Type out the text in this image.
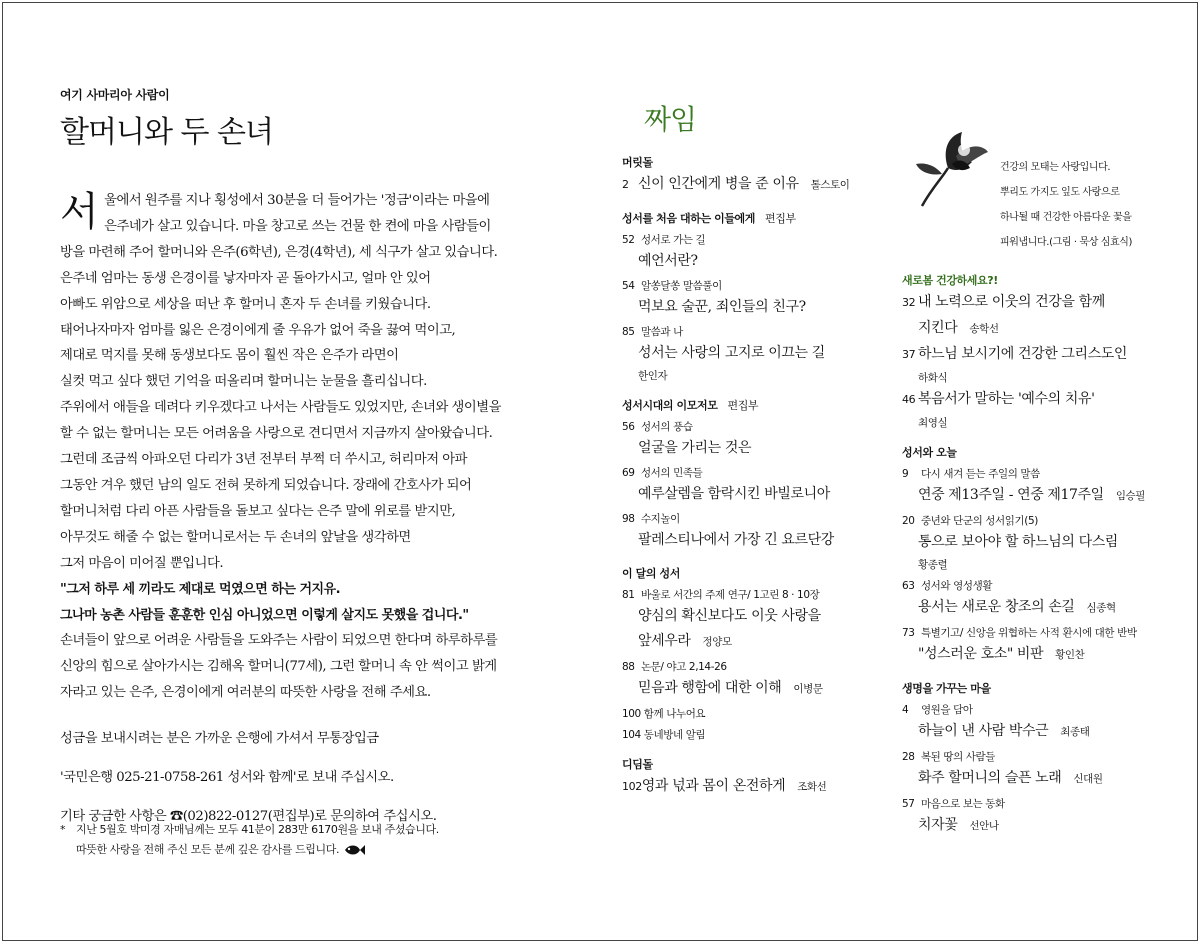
여기 사마리아 사람이
할머니와 두 손녀
서 울에서 원주를 지나 횡성에서 30분을 더 들어가는 '정금'이라는 마을에

은주네가 살고 있습니다. 마을 창고로 쓰는 건물 한 켠에 마을 사람들이

방을 마련해 주어 할머니와 은주(6학년), 은경(4학년), 세 식구가 살고 있습니다.

은주네 엄마는 동생 은경이를 낳자마자 곧 돌아가시고, 얼마 안 있어

아빠도 위암으로 세상을 떠난 후 할머니 혼자 두 손녀를 키웠습니다.

태어나자마자 엄마를 잃은 은경이에게 줄 우유가 없어 죽을 끓여 먹이고,

제대로 먹지를 못해 동생보다도 몸이 훨씬 작은 은주가 라면이

실컷 먹고 싶다 했던 기억을 떠올리며 할머니는 눈물을 흘리십니다.

주위에서 애들을 데려다 키우겠다고 나서는 사람들도 있었지만, 손녀와 생이별을

할 수 없는 할머니는 모든 어려움을 사랑으로 견디면서 지금까지 살아왔습니다.

그런데 조금씩 아파오던 다리가 3년 전부터 부쩍 더 쑤시고, 허리마저 아파

그동안 겨우 했던 남의 일도 전혀 못하게 되었습니다. 장래에 간호사가 되어

할머니처럼 다리 아픈 사람들을 돌보고 싶다는 은주 말에 위로를 받지만,

아무것도 해줄 수 없는 할머니로서는 두 손녀의 앞날을 생각하면

그저 마음이 미어질 뿐입니다.

"그저 하루 세 끼라도 제대로 먹였으면 하는 거지유.

그나마 농촌 사람들 훈훈한 인심 아니었으면 이렇게 살지도 못했을 겁니다."

손녀들이 앞으로 어려운 사람들을 도와주는 사람이 되었으면 한다며 하루하루를

신앙의 힘으로 살아가시는 김해옥 할머니(77세), 그런 할머니 속 안 썩이고 밝게

자라고 있는 은주, 은경이에게 여러분의 따뜻한 사랑을 전해 주세요.

성금을 보내시려는 분은 가까운 은행에 가셔서 무통장입금

'국민은행 025-21-0758-261 성서와 함께'로 보내 주십시오.

기타 궁금한 사항은 ☎(02)822-0127(편집부)로 문의하여 주십시오.

* 지난 5월호 박미경 자매님께는 모두 41분이 283만 6170원을 보내 주셨습니다.
따뜻한 사랑을 전해 주신 모든 분께 깊은 감사를 드립니다.
짜임
머릿돌
2신이 인간에게 병을 준 이유 톨스토이
성서를 처음 대하는 이들에게 편집부
52 성서로 가는 길
예언서란?
54 알쏭달쏭 말씀풀이
먹보요 술꾼, 죄인들의 친구?
85 말씀과 나
성서는 사랑의 고지로 이끄는 길
한인자
성서시대의 이모저모 편집부
56 성서의 풍습
얼굴을 가리는 것은
69 성서의 민족들
예루살렘을 함락시킨 바빌로니아
98 수지놀이
팔레스티나에서 가장 긴 요르단강
이 달의 성서
81 바울로 서간의 주제 연구/ 1고린 8 · 10장
양심의 확신보다도 이웃 사랑을
앞세우라 정양모
88 논문/ 야고 2,14-26
믿음과 행함에 대한 이해 이병문
100 함께 나누어요
104 동네방네 알림
디딤돌
102영과 넋과 몸이 온전하게 조화선
새로봄 건강하세요?!
32내 노력으로 이웃의 건강을 함께
지킨다 송학선
37하느님 보시기에 건강한 그리스도인
하화식
46복음서가 말하는 '예수의 치유'
최영실
성서와 오늘
9 다시 새겨 듣는 주일의 말씀
연중 제13주일 - 연중 제17주일 임승필
20 중년와 단군의 성서읽기(5)
통으로 보아야 할 하느님의 다스림
황종렬
63 성서와 영성생활
용서는 새로운 창조의 손길 심종혁
73 특별기고/ 신앙을 위협하는 사적 환시에 대한 반박
"성스러운 호소" 비판 황인찬
생명을 가꾸는 마을
4 영원을 담아
하늘이 낸 사람 박수근 최종태
28 복된 땅의 사람들
화주 할머니의 슬픈 노래 신대원
57 마음으로 보는 동화
치자꽃 선안나

건강의 모태는 사랑입니다.

뿌리도 가지도 잎도 사랑으로

하나될 때 건강한 아름다운 꽃을

피워냅니다.(그림 · 묵상 심효식)
